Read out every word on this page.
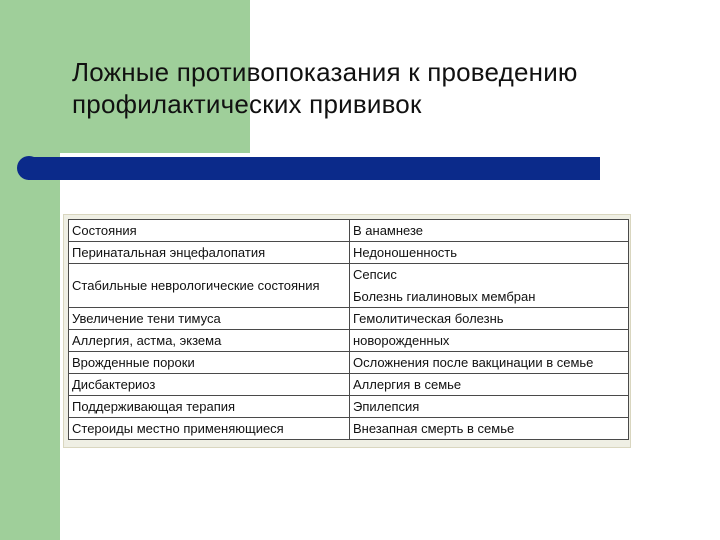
Ложные противопоказания к проведению профилактических прививок
Состояния	В анамнезе
Перинатальная энцефалопатия	Недоношенность
Стабильные неврологические состояния	Сепсис
Болезнь гиалиновых мембран

Увеличение тени тимуса	Гемолитическая болезнь
Аллергия, астма, экзема	новорожденных
Врожденные пороки	Осложнения после вакцинации в семье
Дисбактериоз	Аллергия в семье
Поддерживающая терапия	Эпилепсия
Стероиды местно применяющиеся	Внезапная смерть в семье
